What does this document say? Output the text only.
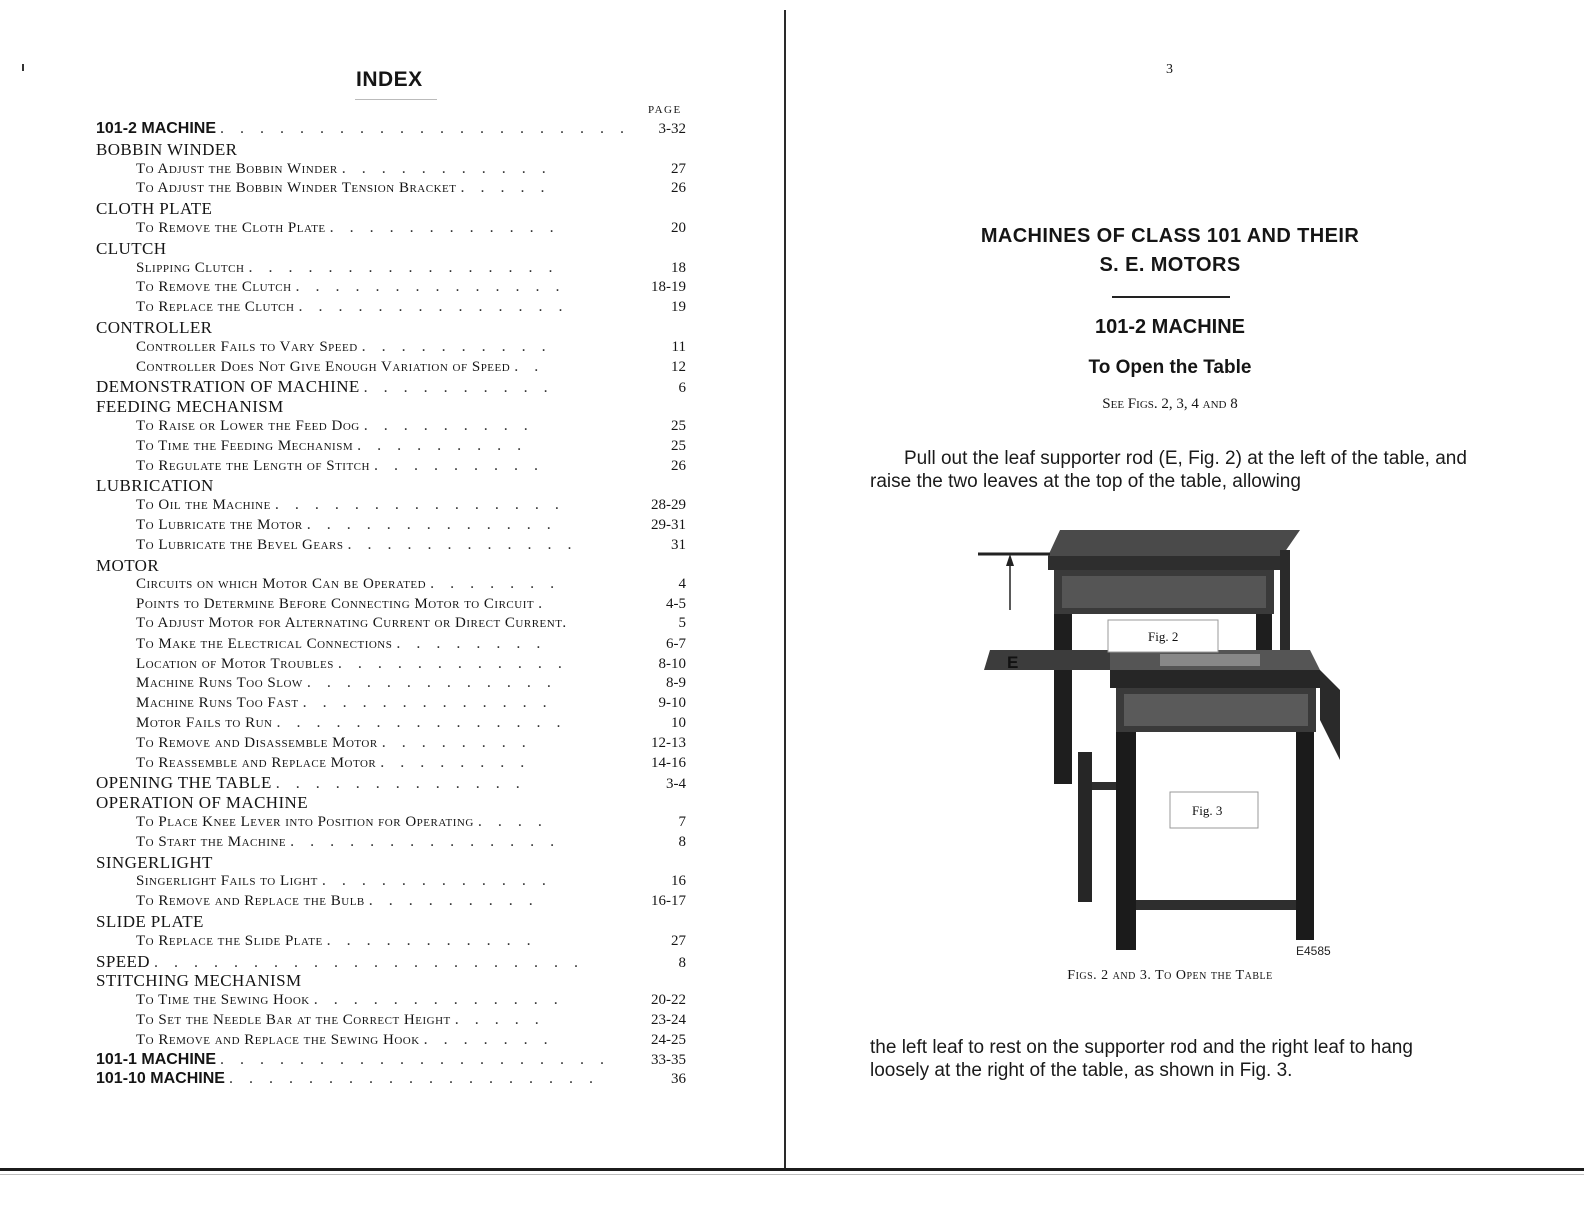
INDEX
PAGE
101-2 MACHINE . . . . . . . . . . . . . . . . . . . . .	3-32
BOBBIN WINDER
To Adjust the Bobbin Winder . . . . . . . . . . .	27
To Adjust the Bobbin Winder Tension Bracket . . . . .	26
CLOTH PLATE
To Remove the Cloth Plate . . . . . . . . . . . .	20
CLUTCH
Slipping Clutch . . . . . . . . . . . . . . . .	18
To Remove the Clutch . . . . . . . . . . . . . .	18-19
To Replace the Clutch . . . . . . . . . . . . . .	19
CONTROLLER
Controller Fails to Vary Speed . . . . . . . . . .	11
Controller Does Not Give Enough Variation of Speed . .	12
DEMONSTRATION OF MACHINE . . . . . . . . . .	6
FEEDING MECHANISM
To Raise or Lower the Feed Dog . . . . . . . . .	25
To Time the Feeding Mechanism . . . . . . . . .	25
To Regulate the Length of Stitch . . . . . . . . .	26
LUBRICATION
To Oil the Machine . . . . . . . . . . . . . . .	28-29
To Lubricate the Motor . . . . . . . . . . . . .	29-31
To Lubricate the Bevel Gears . . . . . . . . . . . .	31
MOTOR
Circuits on which Motor Can be Operated . . . . . . .	4
Points to Determine Before Connecting Motor to Circuit .	4-5
To Adjust Motor for Alternating Current or Direct Current.	5
To Make the Electrical Connections . . . . . . . .	6-7
Location of Motor Troubles . . . . . . . . . . . .	8-10
Machine Runs Too Slow . . . . . . . . . . . . .	8-9
Machine Runs Too Fast . . . . . . . . . . . . .	9-10
Motor Fails to Run . . . . . . . . . . . . . . .	10
To Remove and Disassemble Motor . . . . . . . .	12-13
To Reassemble and Replace Motor . . . . . . . .	14-16
OPENING THE TABLE . . . . . . . . . . . . .	3-4
OPERATION OF MACHINE
To Place Knee Lever into Position for Operating . . . .	7
To Start the Machine . . . . . . . . . . . . . .	8
SINGERLIGHT
Singerlight Fails to Light . . . . . . . . . . . .	16
To Remove and Replace the Bulb . . . . . . . . .	16-17
SLIDE PLATE
To Replace the Slide Plate . . . . . . . . . . .	27
SPEED . . . . . . . . . . . . . . . . . . . . . .	8
STITCHING MECHANISM
To Time the Sewing Hook . . . . . . . . . . . . .	20-22
To Set the Needle Bar at the Correct Height . . . . .	23-24
To Remove and Replace the Sewing Hook . . . . . . .	24-25
101-1 MACHINE . . . . . . . . . . . . . . . . . . . .	33-35
101-10 MACHINE . . . . . . . . . . . . . . . . . . .	36
3
MACHINES OF CLASS 101 AND THEIR
S. E. MOTORS
101-2 MACHINE
To Open the Table
See Figs. 2, 3, 4 and 8

Pull out the leaf supporter rod (E, Fig. 2) at the left of the table, and raise the two leaves at the top of the table, allowing

E
Fig. 2
Fig. 3
E4585
Figs. 2 and 3. To Open the Table

the left leaf to rest on the supporter rod and the right leaf to hang loosely at the right of the table, as shown in Fig. 3.
